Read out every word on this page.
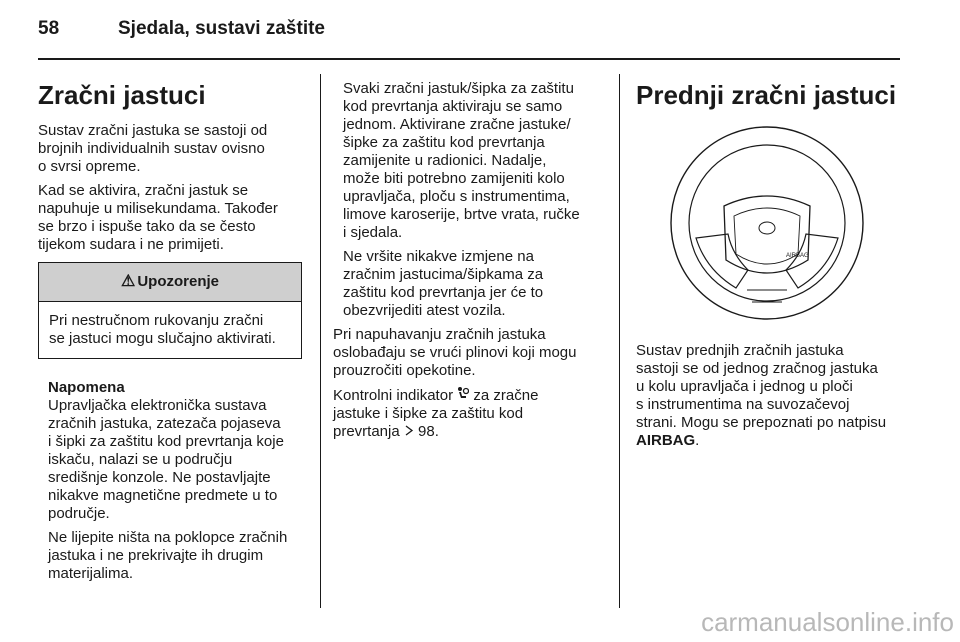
58	Sjedala, sustavi zaštite
Zračni jastuci

Sustav zračni jastuka se sastoji od
brojnih individualnih sustav ovisno
o svrsi opreme.

Kad se aktivira, zračni jastuk se
napuhuje u milisekundama. Također
se brzo i ispuše tako da se često
tijekom sudara i ne primijeti.

⚠ Upozorenje
Pri nestručnom rukovanju zračni
se jastuci mogu slučajno aktivirati.
Napomena

Upravljačka elektronička sustava
zračnih jastuka, zatezača pojaseva
i šipki za zaštitu kod prevrtanja koje
iskaču, nalazi se u području
središnje konzole. Ne postavljajte
nikakve magnetične predmete u to
područje.

Ne lijepite ništa na poklopce zračnih
jastuka i ne prekrivajte ih drugim
materijalima.

Svaki zračni jastuk/šipka za zaštitu
kod prevrtanja aktiviraju se samo
jednom. Aktivirane zračne jastuke/
šipke za zaštitu kod prevrtanja
zamijenite u radionici. Nadalje,
može biti potrebno zamijeniti kolo
upravljača, ploču s instrumentima,
limove karoserije, brtve vrata, ručke
i sjedala.

Ne vršite nikakve izmjene na
zračnim jastucima/šipkama za
zaštitu kod prevrtanja jer će to
obezvrijediti atest vozila.

Pri napuhavanju zračnih jastuka
oslobađaju se vrući plinovi koji mogu
prouzročiti opekotine.

Kontrolni indikator za zračne
jastuke i šipke za zaštitu kod
prevrtanja 98.

Prednji zračni jastuci
AIRBAG

Sustav prednjih zračnih jastuka
sastoji se od jednog zračnog jastuka
u kolu upravljača i jednog u ploči
s instrumentima na suvozačevoj
strani. Mogu se prepoznati po natpisu AIRBAG.

carmanualsonline.info
